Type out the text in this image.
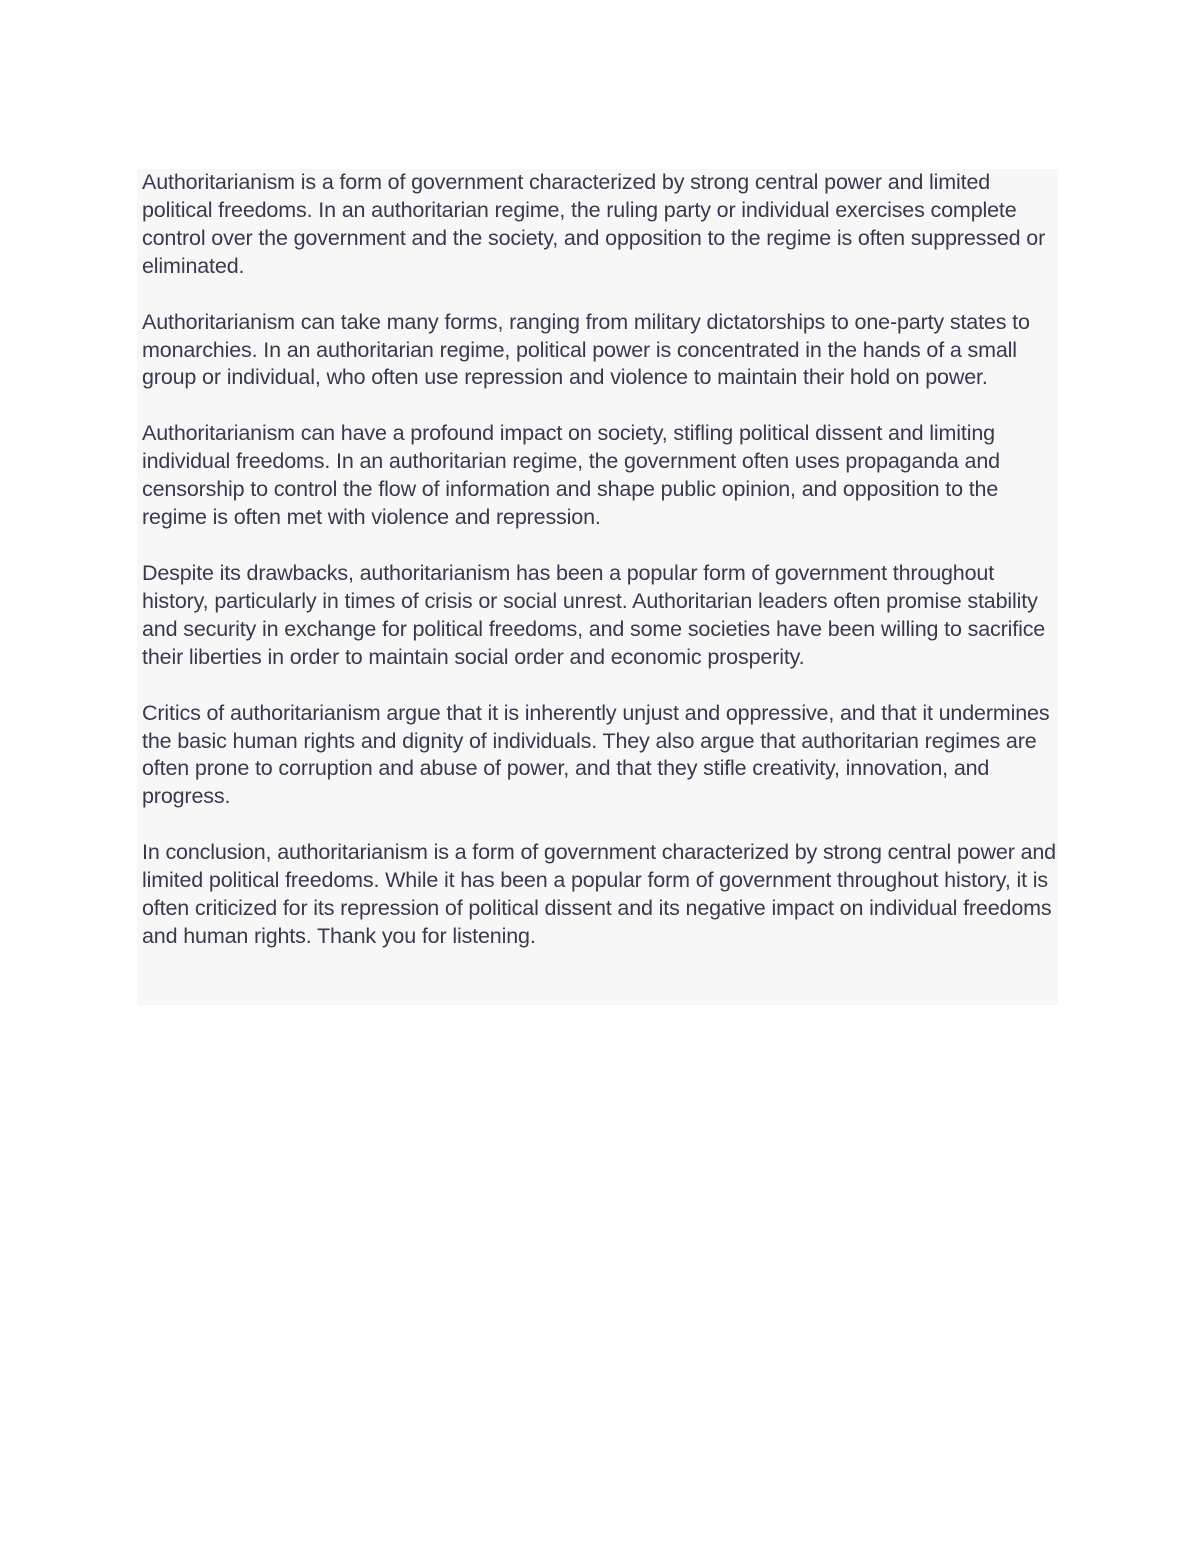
Authoritarianism is a form of government characterized by strong central power and limited political freedoms. In an authoritarian regime, the ruling party or individual exercises complete control over the government and the society, and opposition to the regime is often suppressed or eliminated.

Authoritarianism can take many forms, ranging from military dictatorships to one-party states to monarchies. In an authoritarian regime, political power is concentrated in the hands of a small group or individual, who often use repression and violence to maintain their hold on power.

Authoritarianism can have a profound impact on society, stifling political dissent and limiting individual freedoms. In an authoritarian regime, the government often uses propaganda and censorship to control the flow of information and shape public opinion, and opposition to the regime is often met with violence and repression.

Despite its drawbacks, authoritarianism has been a popular form of government throughout history, particularly in times of crisis or social unrest. Authoritarian leaders often promise stability and security in exchange for political freedoms, and some societies have been willing to sacrifice their liberties in order to maintain social order and economic prosperity.

Critics of authoritarianism argue that it is inherently unjust and oppressive, and that it undermines the basic human rights and dignity of individuals. They also argue that authoritarian regimes are often prone to corruption and abuse of power, and that they stifle creativity, innovation, and progress.

In conclusion, authoritarianism is a form of government characterized by strong central power and limited political freedoms. While it has been a popular form of government throughout history, it is often criticized for its repression of political dissent and its negative impact on individual freedoms and human rights. Thank you for listening.
